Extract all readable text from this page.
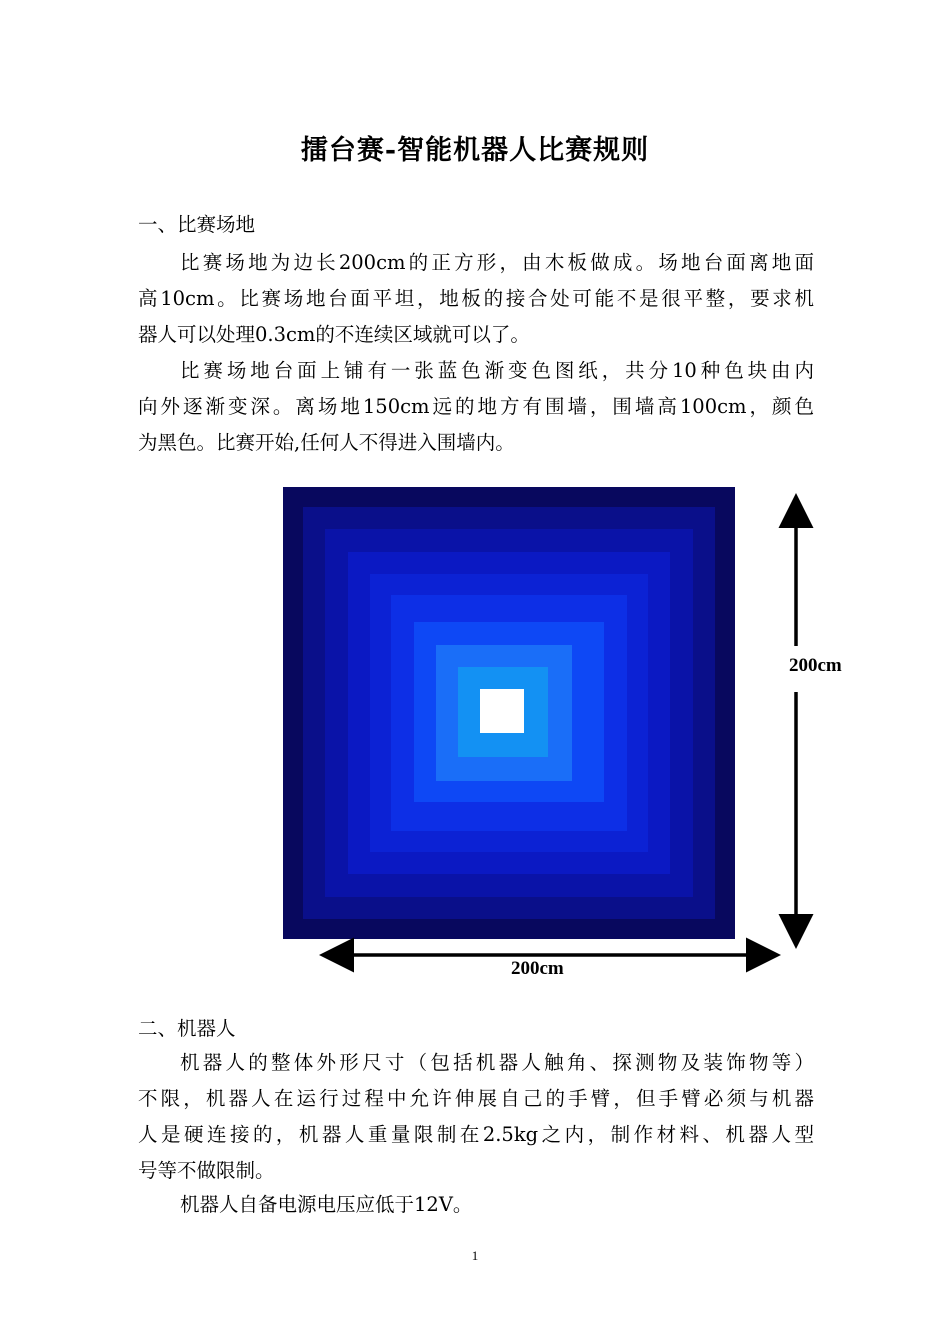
擂台赛-智能机器人比赛规则
一、比赛场地
比赛场地为边长200cm的正方形，由木板做成。场地台面离地面
高10cm。比赛场地台面平坦，地板的接合处可能不是很平整，要求机
器人可以处理0.3cm的不连续区域就可以了。
比赛场地台面上铺有一张蓝色渐变色图纸，共分10种色块由内
向外逐渐变深。离场地150cm远的地方有围墙，围墙高100cm，颜色
为黑色。比赛开始,任何人不得进入围墙内。
200cm
200cm
二、机器人
机器人的整体外形尺寸（包括机器人触角、探测物及装饰物等）
不限，机器人在运行过程中允许伸展自己的手臂，但手臂必须与机器
人是硬连接的，机器人重量限制在2.5kg之内，制作材料、机器人型
号等不做限制。
机器人自备电源电压应低于12V。
1
